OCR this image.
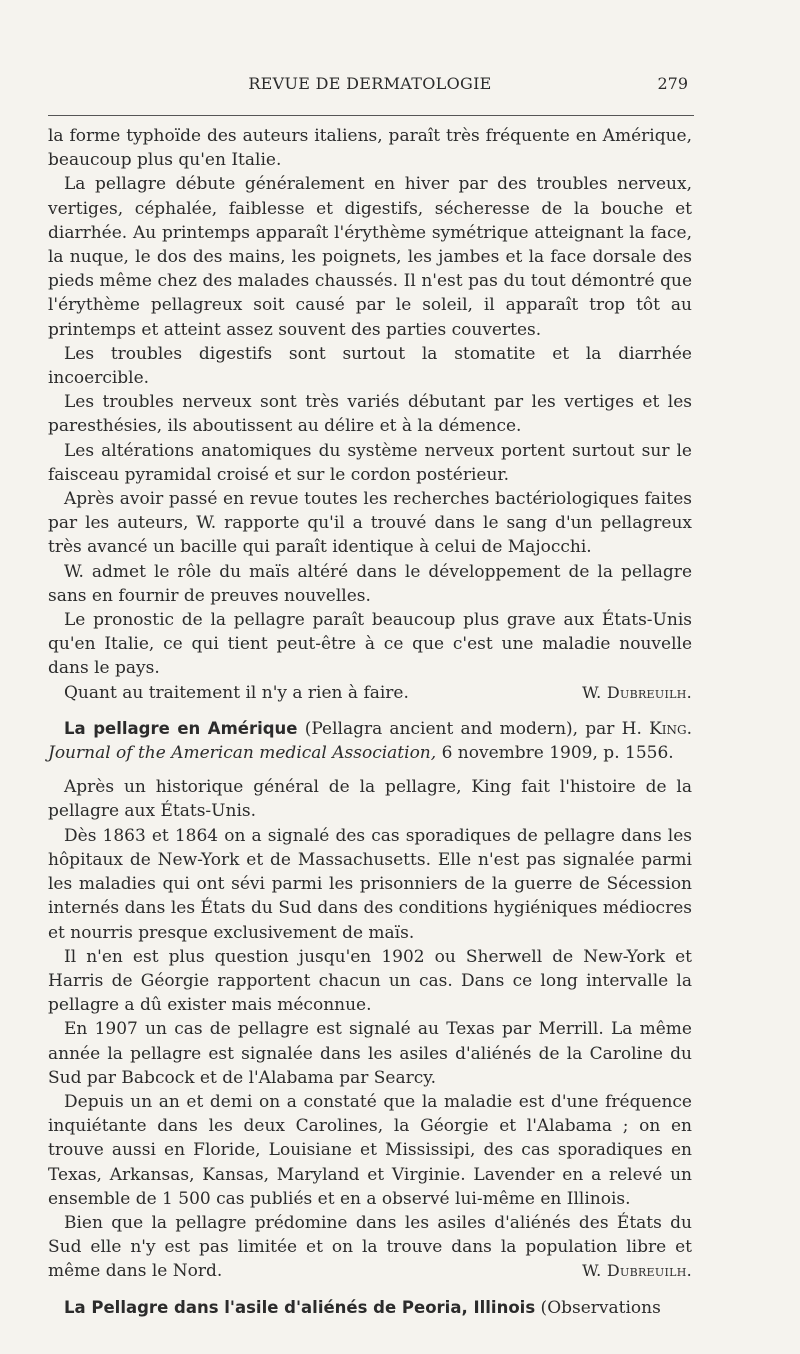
REVUE DE DERMATOLOGIE	279

la forme typhoïde des auteurs italiens, paraît très fréquente en Amérique, beaucoup plus qu'en Italie.

La pellagre débute généralement en hiver par des troubles nerveux, vertiges, céphalée, faiblesse et digestifs, sécheresse de la bouche et diarrhée. Au printemps apparaît l'érythème symétrique atteignant la face, la nuque, le dos des mains, les poignets, les jambes et la face dorsale des pieds même chez des malades chaussés. Il n'est pas du tout démontré que l'érythème pellagreux soit causé par le soleil, il apparaît trop tôt au printemps et atteint assez souvent des parties couvertes.

Les troubles digestifs sont surtout la stomatite et la diarrhée incoercible.

Les troubles nerveux sont très variés débutant par les vertiges et les paresthésies, ils aboutissent au délire et à la démence.

Les altérations anatomiques du système nerveux portent surtout sur le faisceau pyramidal croisé et sur le cordon postérieur.

Après avoir passé en revue toutes les recherches bactériologiques faites par les auteurs, W. rapporte qu'il a trouvé dans le sang d'un pellagreux très avancé un bacille qui paraît identique à celui de Majocchi.

W. admet le rôle du maïs altéré dans le développement de la pellagre sans en fournir de preuves nouvelles.

Le pronostic de la pellagre paraît beaucoup plus grave aux États-Unis qu'en Italie, ce qui tient peut-être à ce que c'est une maladie nouvelle dans le pays.

Quant au traitement il n'y a rien à faire.	W. Dubreuilh.

La pellagre en Amérique (Pellagra ancient and modern), par H. King. Journal of the American medical Association, 6 novembre 1909, p. 1556.

Après un historique général de la pellagre, King fait l'histoire de la pellagre aux États-Unis.

Dès 1863 et 1864 on a signalé des cas sporadiques de pellagre dans les hôpitaux de New-York et de Massachusetts. Elle n'est pas signalée parmi les maladies qui ont sévi parmi les prisonniers de la guerre de Sécession internés dans les États du Sud dans des conditions hygiéniques médiocres et nourris presque exclusivement de maïs.

Il n'en est plus question jusqu'en 1902 ou Sherwell de New-York et Harris de Géorgie rapportent chacun un cas. Dans ce long intervalle la pellagre a dû exister mais méconnue.

En 1907 un cas de pellagre est signalé au Texas par Merrill. La même année la pellagre est signalée dans les asiles d'aliénés de la Caroline du Sud par Babcock et de l'Alabama par Searcy.

Depuis un an et demi on a constaté que la maladie est d'une fréquence inquiétante dans les deux Carolines, la Géorgie et l'Alabama ; on en trouve aussi en Floride, Louisiane et Mississipi, des cas sporadiques en Texas, Arkansas, Kansas, Maryland et Virginie. Lavender en a relevé un ensemble de 1 500 cas publiés et en a observé lui-même en Illinois.

Bien que la pellagre prédomine dans les asiles d'aliénés des États du Sud elle n'y est pas limitée et on la trouve dans la population libre et même dans le Nord.	W. Dubreuilh.

La Pellagre dans l'asile d'aliénés de Peoria, Illinois (Observations
